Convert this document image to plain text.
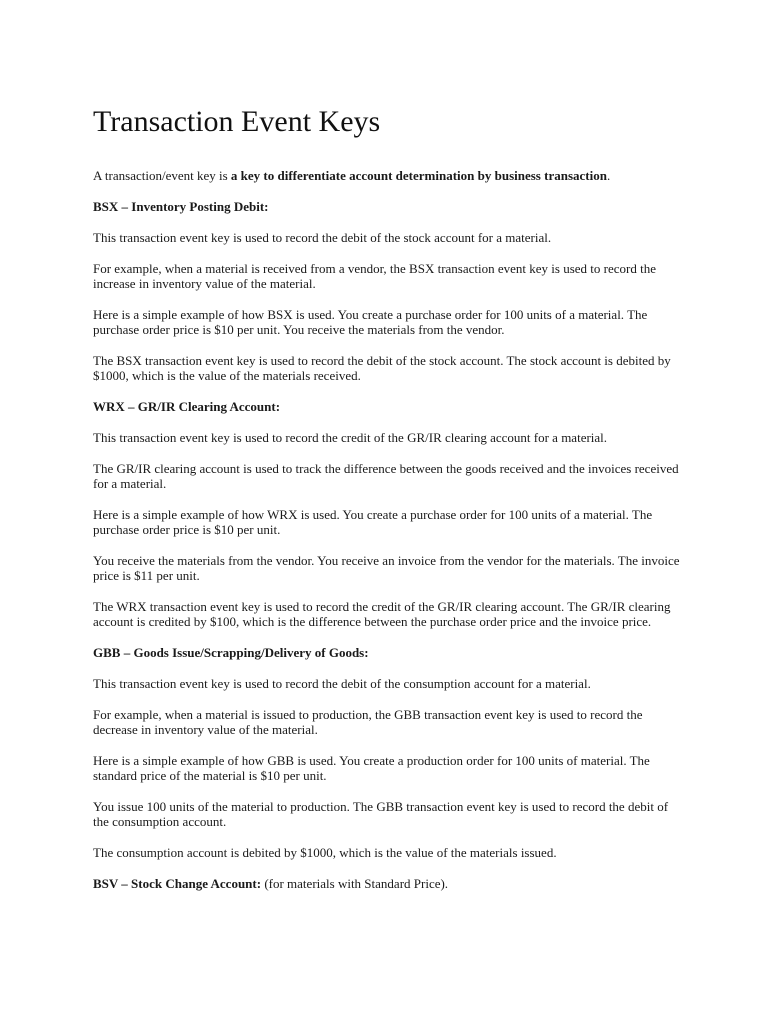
Transaction Event Keys

A transaction/event key is a key to differentiate account determination by business transaction.

BSX – Inventory Posting Debit:

This transaction event key is used to record the debit of the stock account for a material.

For example, when a material is received from a vendor, the BSX transaction event key is used to record the increase in inventory value of the material.

Here is a simple example of how BSX is used. You create a purchase order for 100 units of a material. The purchase order price is $10 per unit. You receive the materials from the vendor.

The BSX transaction event key is used to record the debit of the stock account. The stock account is debited by $1000, which is the value of the materials received.

WRX – GR/IR Clearing Account:

This transaction event key is used to record the credit of the GR/IR clearing account for a material.

The GR/IR clearing account is used to track the difference between the goods received and the invoices received for a material.

Here is a simple example of how WRX is used. You create a purchase order for 100 units of a material. The purchase order price is $10 per unit.

You receive the materials from the vendor. You receive an invoice from the vendor for the materials. The invoice price is $11 per unit.

The WRX transaction event key is used to record the credit of the GR/IR clearing account. The GR/IR clearing account is credited by $100, which is the difference between the purchase order price and the invoice price.

GBB – Goods Issue/Scrapping/Delivery of Goods:

This transaction event key is used to record the debit of the consumption account for a material.

For example, when a material is issued to production, the GBB transaction event key is used to record the decrease in inventory value of the material.

Here is a simple example of how GBB is used. You create a production order for 100 units of material. The standard price of the material is $10 per unit.

You issue 100 units of the material to production. The GBB transaction event key is used to record the debit of the consumption account.

The consumption account is debited by $1000, which is the value of the materials issued.

BSV – Stock Change Account: (for materials with Standard Price).
